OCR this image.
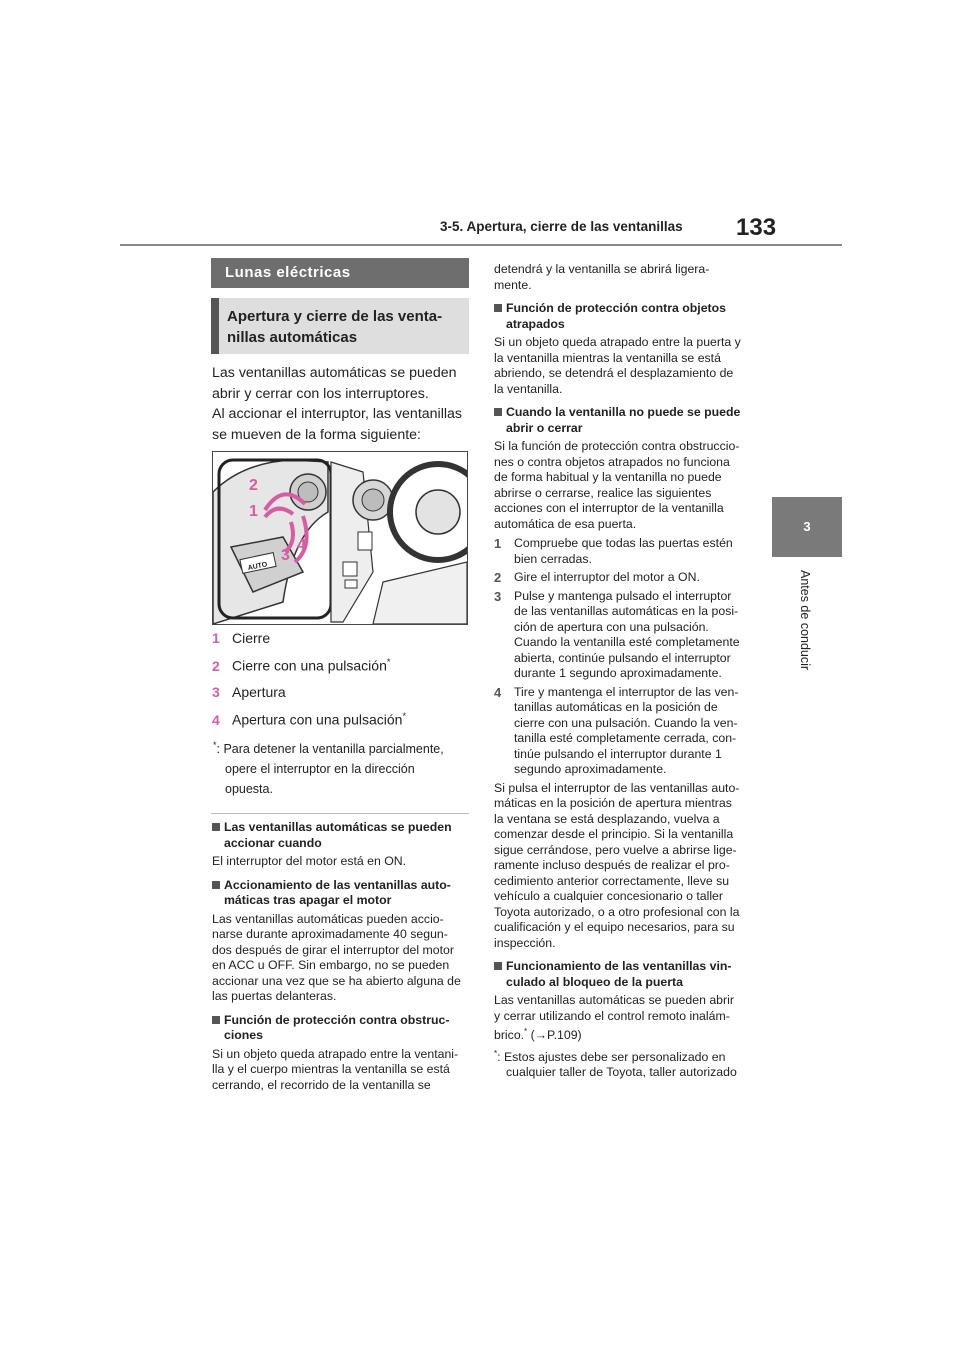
3-5. Apertura, cierre de las ventanillas 133
3
Antes de conducir
Lunas eléctricas
Apertura y cierre de las venta-
nillas automáticas
Las ventanillas automáticas se pueden
abrir y cerrar con los interruptores.
Al accionar el interruptor, las ventanillas
se mueven de la forma siguiente:
AUTO
2
1
3
4
1 Cierre
2 Cierre con una pulsación*
3 Apertura
4 Apertura con una pulsación*
*: Para detener la ventanilla parcialmente,
opere el interruptor en la dirección
opuesta.

Las ventanillas automáticas se pueden
accionar cuando

El interruptor del motor está en ON.

Accionamiento de las ventanillas auto-
máticas tras apagar el motor

Las ventanillas automáticas pueden accio-
narse durante aproximadamente 40 segun-
dos después de girar el interruptor del motor
en ACC u OFF. Sin embargo, no se pueden
accionar una vez que se ha abierto alguna de
las puertas delanteras.

Función de protección contra obstruc-
ciones

Si un objeto queda atrapado entre la ventani-
lla y el cuerpo mientras la ventanilla se está
cerrando, el recorrido de la ventanilla se

detendrá y la ventanilla se abrirá ligera-
mente.

Función de protección contra objetos
atrapados

Si un objeto queda atrapado entre la puerta y
la ventanilla mientras la ventanilla se está
abriendo, se detendrá el desplazamiento de
la ventanilla.

Cuando la ventanilla no puede se puede
abrir o cerrar

Si la función de protección contra obstruccio-
nes o contra objetos atrapados no funciona
de forma habitual y la ventanilla no puede
abrirse o cerrarse, realice las siguientes
acciones con el interruptor de la ventanilla
automática de esa puerta.

1 Compruebe que todas las puertas estén
bien cerradas.
2 Gire el interruptor del motor a ON.
3 Pulse y mantenga pulsado el interruptor
de las ventanillas automáticas en la posi-
ción de apertura con una pulsación.
Cuando la ventanilla esté completamente
abierta, continúe pulsando el interruptor
durante 1 segundo aproximadamente.
4 Tire y mantenga el interruptor de las ven-
tanillas automáticas en la posición de
cierre con una pulsación. Cuando la ven-
tanilla esté completamente cerrada, con-
tinúe pulsando el interruptor durante 1
segundo aproximadamente.

Si pulsa el interruptor de las ventanillas auto-
máticas en la posición de apertura mientras
la ventana se está desplazando, vuelva a
comenzar desde el principio. Si la ventanilla
sigue cerrándose, pero vuelve a abrirse lige-
ramente incluso después de realizar el pro-
cedimiento anterior correctamente, lleve su
vehículo a cualquier concesionario o taller
Toyota autorizado, o a otro profesional con la
cualificación y el equipo necesarios, para su
inspección.

Funcionamiento de las ventanillas vin-
culado al bloqueo de la puerta

Las ventanillas automáticas se pueden abrir
y cerrar utilizando el control remoto inalám-
brico.* (→P.109)

*: Estos ajustes debe ser personalizado en
cualquier taller de Toyota, taller autorizado
